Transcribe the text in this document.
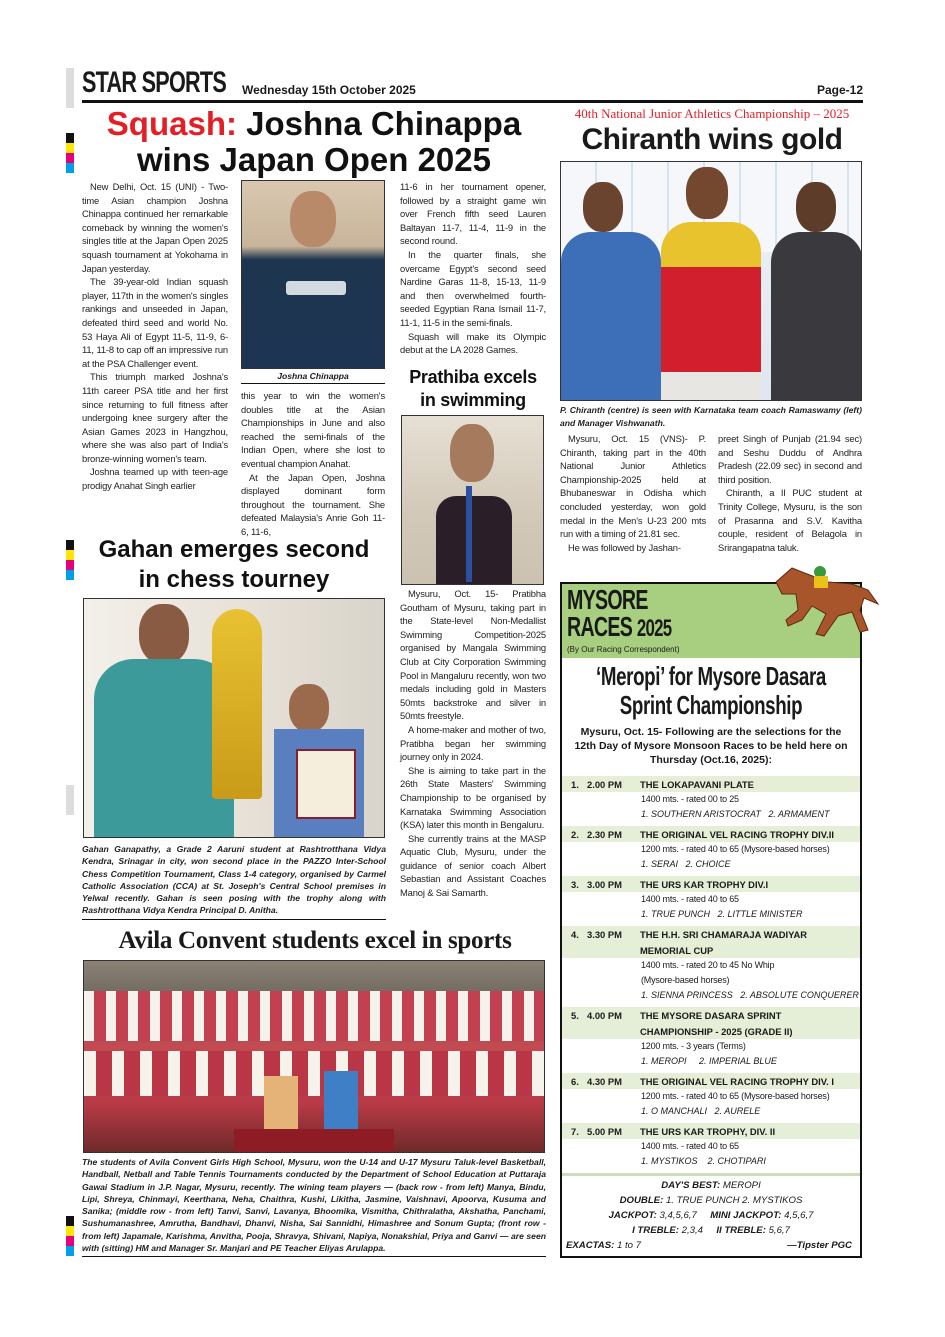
STAR SPORTS Wednesday 15th October 2025	Page-12
Squash: Joshna Chinappa
wins Japan Open 2025

New Delhi, Oct. 15 (UNI) - Two-time Asian champion Joshna Chinappa continued her remarkable comeback by winning the women's singles title at the Japan Open 2025 squash tournament at Yokohama in Japan yesterday.

The 39-year-old Indian squash player, 117th in the women's singles rankings and unseeded in Japan, defeated third seed and world No. 53 Haya Ali of Egypt 11-5, 11-9, 6-11, 11-8 to cap off an impressive run at the PSA Challenger event.

This triumph marked Joshna's 11th career PSA title and her first since returning to full fitness after undergoing knee surgery after the Asian Games 2023 in Hangzhou, where she was also part of India's bronze-winning women's team.

Joshna teamed up with teen-age prodigy Anahat Singh earlier

Joshna Chinappa

this year to win the women's doubles title at the Asian Championships in June and also reached the semi-finals of the Indian Open, where she lost to eventual champion Anahat.

At the Japan Open, Joshna displayed dominant form throughout the tournament. She defeated Malaysia's Anrie Goh 11-6, 11-6,

11-6 in her tournament opener, followed by a straight game win over French fifth seed Lauren Baltayan 11-7, 11-4, 11-9 in the second round.

In the quarter finals, she overcame Egypt's second seed Nardine Garas 11-8, 15-13, 11-9 and then overwhelmed fourth-seeded Egyptian Rana Ismail 11-7, 11-1, 11-5 in the semi-finals.

Squash will make its Olympic debut at the LA 2028 Games.

Prathiba excels
in swimming

Mysuru, Oct. 15- Pratibha Goutham of Mysuru, taking part in the State-level Non-Medallist Swimming Competition-2025 organised by Mangala Swimming Club at City Corporation Swimming Pool in Mangaluru recently, won two medals including gold in Masters 50mts backstroke and silver in 50mts freestyle.

A home-maker and mother of two, Pratibha began her swimming journey only in 2024.

She is aiming to take part in the 26th State Masters' Swimming Championship to be organised by Karnataka Swimming Association (KSA) later this month in Bengaluru.

She currently trains at the MASP Aquatic Club, Mysuru, under the guidance of senior coach Albert Sebastian and Assistant Coaches Manoj & Sai Samarth.

Gahan emerges second
in chess tourney
Gahan Ganapathy, a Grade 2 Aaruni student at Rashtrotthana Vidya Kendra, Srinagar in city, won second place in the PAZZO Inter-School Chess Competition Tournament, Class 1-4 category, organised by Carmel Catholic Association (CCA) at St. Joseph's Central School premises in Yelwal recently. Gahan is seen posing with the trophy along with Rashtrotthana Vidya Kendra Principal D. Anitha.
Avila Convent students excel in sports
The students of Avila Convent Girls High School, Mysuru, won the U-14 and U-17 Mysuru Taluk-level Basketball, Handball, Netball and Table Tennis Tournaments conducted by the Department of School Education at Puttaraja Gawai Stadium in J.P. Nagar, Mysuru, recently. The wining team players — (back row - from left) Manya, Bindu, Lipi, Shreya, Chinmayi, Keerthana, Neha, Chaithra, Kushi, Likitha, Jasmine, Vaishnavi, Apoorva, Kusuma and Sanika; (middle row - from left) Tanvi, Sanvi, Lavanya, Bhoomika, Vismitha, Chithralatha, Akshatha, Panchami, Sushumanashree, Amrutha, Bandhavi, Dhanvi, Nisha, Sai Sannidhi, Himashree and Sonum Gupta; (front row - from left) Japamale, Karishma, Anvitha, Pooja, Shravya, Shivani, Napiya, Nonakshial, Priya and Ganvi — are seen with (sitting) HM and Manager Sr. Manjari and PE Teacher Eliyas Arulappa.
40th National Junior Athletics Championship – 2025
Chiranth wins gold
P. Chiranth (centre) is seen with Karnataka team coach Ramaswamy (left) and Manager Vishwanath.

Mysuru, Oct. 15 (VNS)- P. Chiranth, taking part in the 40th National Junior Athletics Championship-2025 held at Bhubaneswar in Odisha which concluded yesterday, won gold medal in the Men's U-23 200 mts run with a timing of 21.81 sec.

He was followed by Jashan-

preet Singh of Punjab (21.94 sec) and Seshu Duddu of Andhra Pradesh (22.09 sec) in second and third position.

Chiranth, a II PUC student at Trinity College, Mysuru, is the son of Prasanna and S.V. Kavitha couple, resident of Belagola in Srirangapatna taluk.

MYSORE
RACES 2025
(By Our Racing Correspondent)
‘Meropi’ for Mysore Dasara
Sprint Championship
Mysuru, Oct. 15- Following are the selections for the 12th Day of Mysore Monsoon Races to be held here on Thursday (Oct.16, 2025):
1. 2.00 PM	THE LOKAPAVANI PLATE
1400 mts. - rated 00 to 25
1. SOUTHERN ARISTOCRAT   2. ARMAMENT
2. 2.30 PM	THE ORIGINAL VEL RACING TROPHY DIV.II
1200 mts. - rated 40 to 65 (Mysore-based horses)
1. SERAI   2. CHOICE
3. 3.00 PM	THE URS KAR TROPHY DIV.I
1400 mts. - rated 40 to 65
1. TRUE PUNCH   2. LITTLE MINISTER
4. 3.30 PM	THE H.H. SRI CHAMARAJA WADIYAR
MEMORIAL CUP
1400 mts. - rated 20 to 45 No Whip
(Mysore-based horses)
1. SIENNA PRINCESS   2. ABSOLUTE CONQUERER
5. 4.00 PM	THE MYSORE DASARA SPRINT
CHAMPIONSHIP - 2025 (GRADE II)
1200 mts. - 3 years (Terms)
1. MEROPI     2. IMPERIAL BLUE
6. 4.30 PM	THE ORIGINAL VEL RACING TROPHY DIV. I
1200 mts. - rated 40 to 65 (Mysore-based horses)
1. O MANCHALI   2. AURELE
7. 5.00 PM	THE URS KAR TROPHY, DIV. II
1400 mts. - rated 40 to 65
1. MYSTIKOS    2. CHOTIPARI
DAY'S BEST: MEROPI
DOUBLE: 1. TRUE PUNCH 2. MYSTIKOS
JACKPOT: 3,4,5,6,7 MINI JACKPOT: 4,5,6,7
I TREBLE: 2,3,4 II TREBLE: 5,6,7
EXACTAS: 1 to 7	—Tipster PGC
